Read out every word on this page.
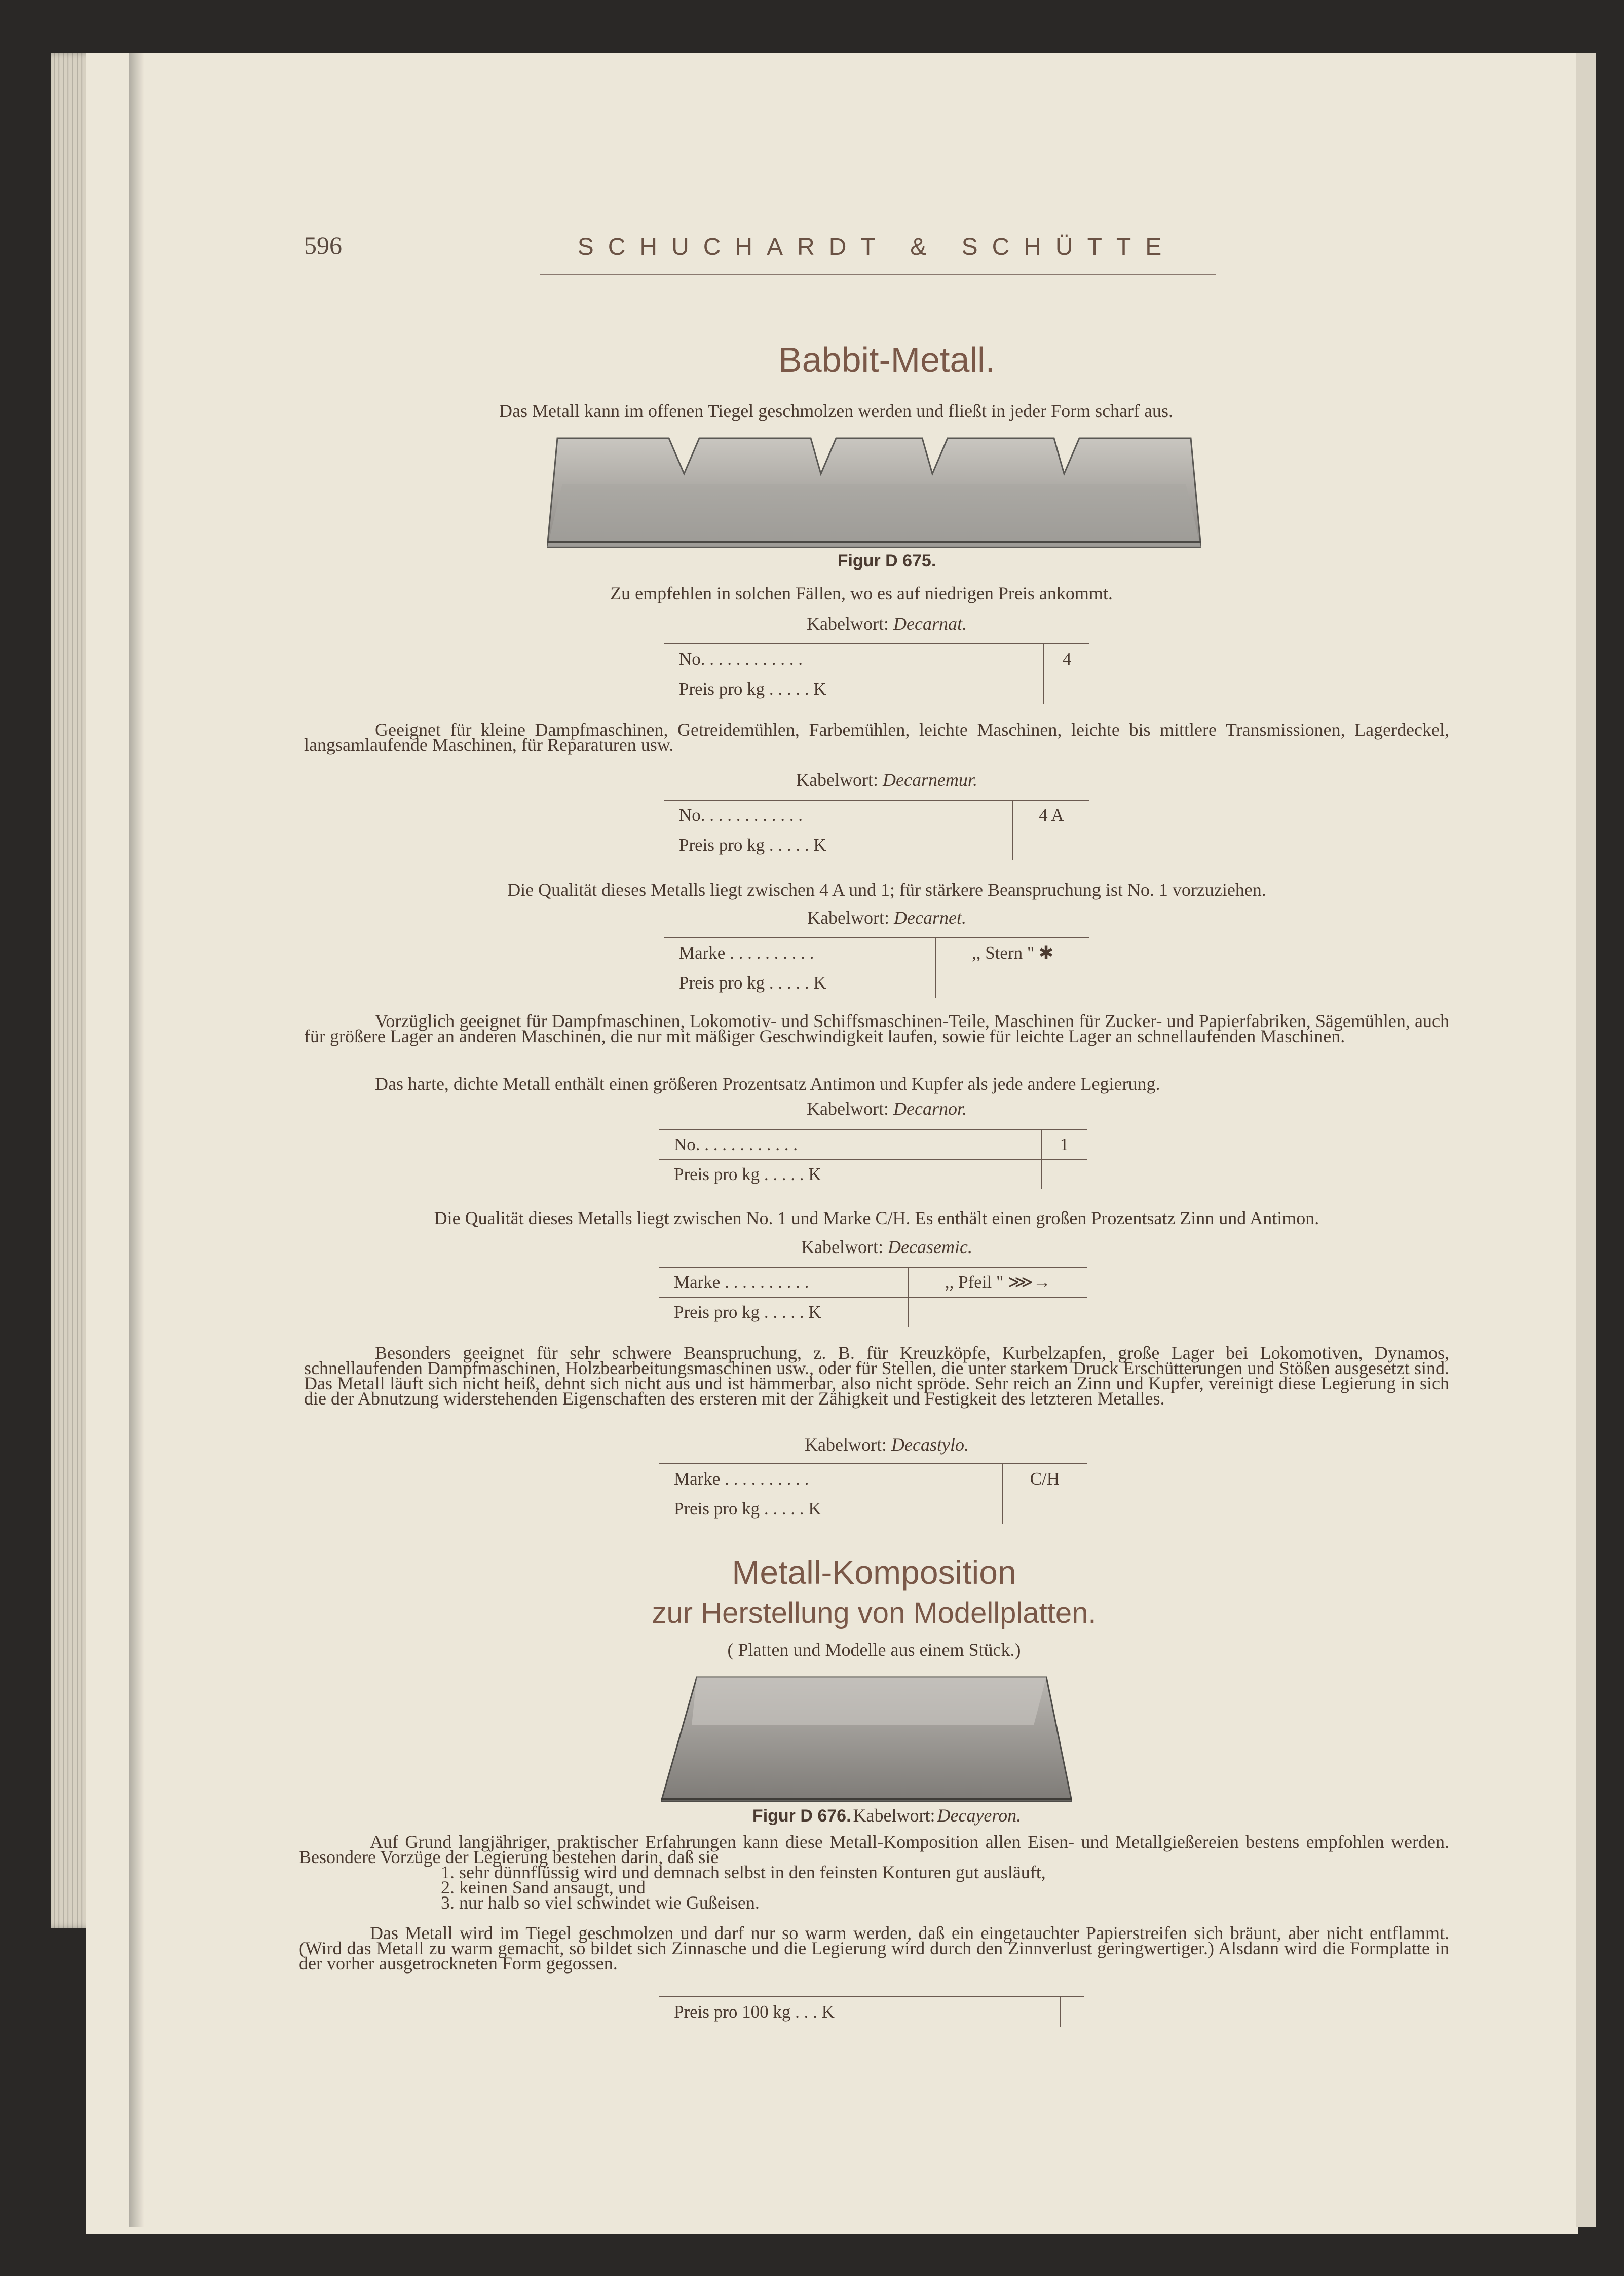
596	SCHUCHARDT & SCHÜTTE
Babbit-Metall.
Das Metall kann im offenen Tiegel geschmolzen werden und fließt in jeder Form scharf aus.
Figur D 675.
Zu empfehlen in solchen Fällen, wo es auf niedrigen Preis ankommt.
Kabelwort: Decarnat.
No. . . . . . . . . . . .	4
Preis pro kg . . . . . K	
Geeignet für kleine Dampfmaschinen, Getreidemühlen, Farbemühlen, leichte Maschinen, leichte bis mittlere Transmissionen, Lagerdeckel, langsamlaufende Maschinen, für Reparaturen usw.
Kabelwort: Decarnemur.
No. . . . . . . . . . . .	4 A
Preis pro kg . . . . . K	
Die Qualität dieses Metalls liegt zwischen 4 A und 1; für stärkere Beanspruchung ist No. 1 vorzuziehen.
Kabelwort: Decarnet.
Marke . . . . . . . . . .	,, Stern " ✱
Preis pro kg . . . . . K	
Vorzüglich geeignet für Dampfmaschinen, Lokomotiv- und Schiffsmaschinen-Teile, Maschinen für Zucker- und Papierfabriken, Sägemühlen, auch für größere Lager an anderen Maschinen, die nur mit mäßiger Geschwindigkeit laufen, sowie für leichte Lager an schnellaufenden Maschinen.
Das harte, dichte Metall enthält einen größeren Prozentsatz Antimon und Kupfer als jede andere Legierung.
Kabelwort: Decarnor.
No. . . . . . . . . . . .	1
Preis pro kg . . . . . K	
Die Qualität dieses Metalls liegt zwischen No. 1 und Marke C/H. Es enthält einen großen Prozentsatz Zinn und Antimon.
Kabelwort: Decasemic.
Marke . . . . . . . . . .	,, Pfeil " ⋙→
Preis pro kg . . . . . K	
Besonders geeignet für sehr schwere Beanspruchung, z. B. für Kreuzköpfe, Kurbelzapfen, große Lager bei Lokomotiven, Dynamos, schnellaufenden Dampfmaschinen, Holzbearbeitungsmaschinen usw., oder für Stellen, die unter starkem Druck Erschütterungen und Stößen ausgesetzt sind. Das Metall läuft sich nicht heiß, dehnt sich nicht aus und ist hämmerbar, also nicht spröde. Sehr reich an Zinn und Kupfer, vereinigt diese Legierung in sich die der Abnutzung widerstehenden Eigenschaften des ersteren mit der Zähigkeit und Festigkeit des letzteren Metalles.
Kabelwort: Decastylo.
Marke . . . . . . . . . .	C/H
Preis pro kg . . . . . K	
Metall-Komposition
zur Herstellung von Modellplatten.
( Platten und Modelle aus einem Stück.)
Figur D 676. Kabelwort: Decayeron.
Auf Grund langjähriger, praktischer Erfahrungen kann diese Metall-Komposition allen Eisen- und Metallgießereien bestens empfohlen werden. Besondere Vorzüge der Legierung bestehen darin, daß sie
1. sehr dünnflüssig wird und demnach selbst in den feinsten Konturen gut ausläuft,
2. keinen Sand ansaugt, und
3. nur halb so viel schwindet wie Gußeisen.
Das Metall wird im Tiegel geschmolzen und darf nur so warm werden, daß ein eingetauchter Papierstreifen sich bräunt, aber nicht entflammt. (Wird das Metall zu warm gemacht, so bildet sich Zinnasche und die Legierung wird durch den Zinnverlust geringwertiger.) Alsdann wird die Formplatte in der vorher ausgetrockneten Form gegossen.
Preis pro 100 kg . . . K	
